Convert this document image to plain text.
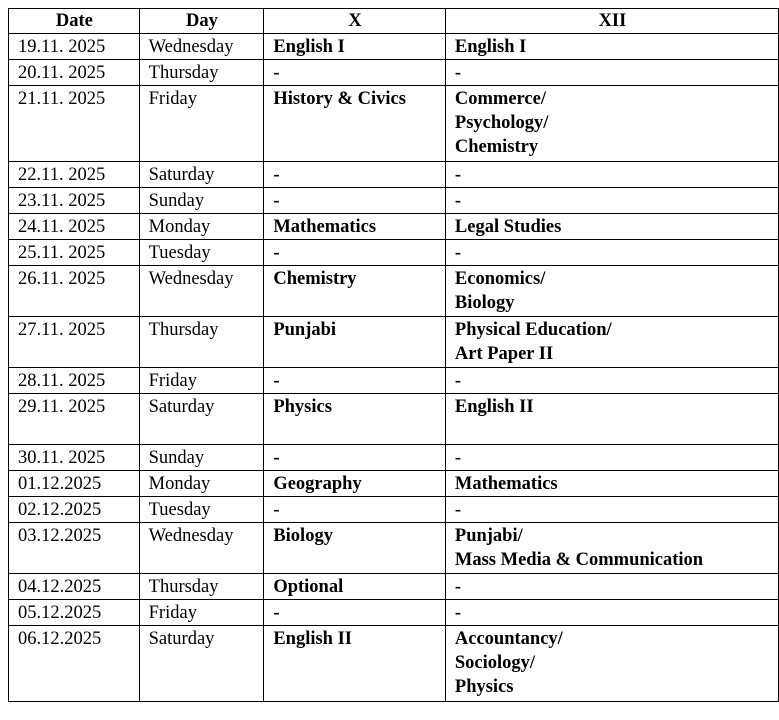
Date	Day	X	XII
19.11. 2025	Wednesday	English I	English I

20.11. 2025	Thursday	-	-

21.11. 2025	Friday	History & Civics	Commerce/
Psychology/
Chemistry

22.11. 2025	Saturday	-	-

23.11. 2025	Sunday	-	-

24.11. 2025	Monday	Mathematics	Legal Studies

25.11. 2025	Tuesday	-	-

26.11. 2025	Wednesday	Chemistry	Economics/
Biology

27.11. 2025	Thursday	Punjabi	Physical Education/
Art Paper II

28.11. 2025	Friday	-	-

29.11. 2025	Saturday	Physics	English II

30.11. 2025	Sunday	-	-

01.12.2025	Monday	Geography	Mathematics

02.12.2025	Tuesday	-	-

03.12.2025	Wednesday	Biology	Punjabi/
Mass Media & Communication

04.12.2025	Thursday	Optional	-

05.12.2025	Friday	-	-

06.12.2025	Saturday	English II	Accountancy/
Sociology/
Physics
